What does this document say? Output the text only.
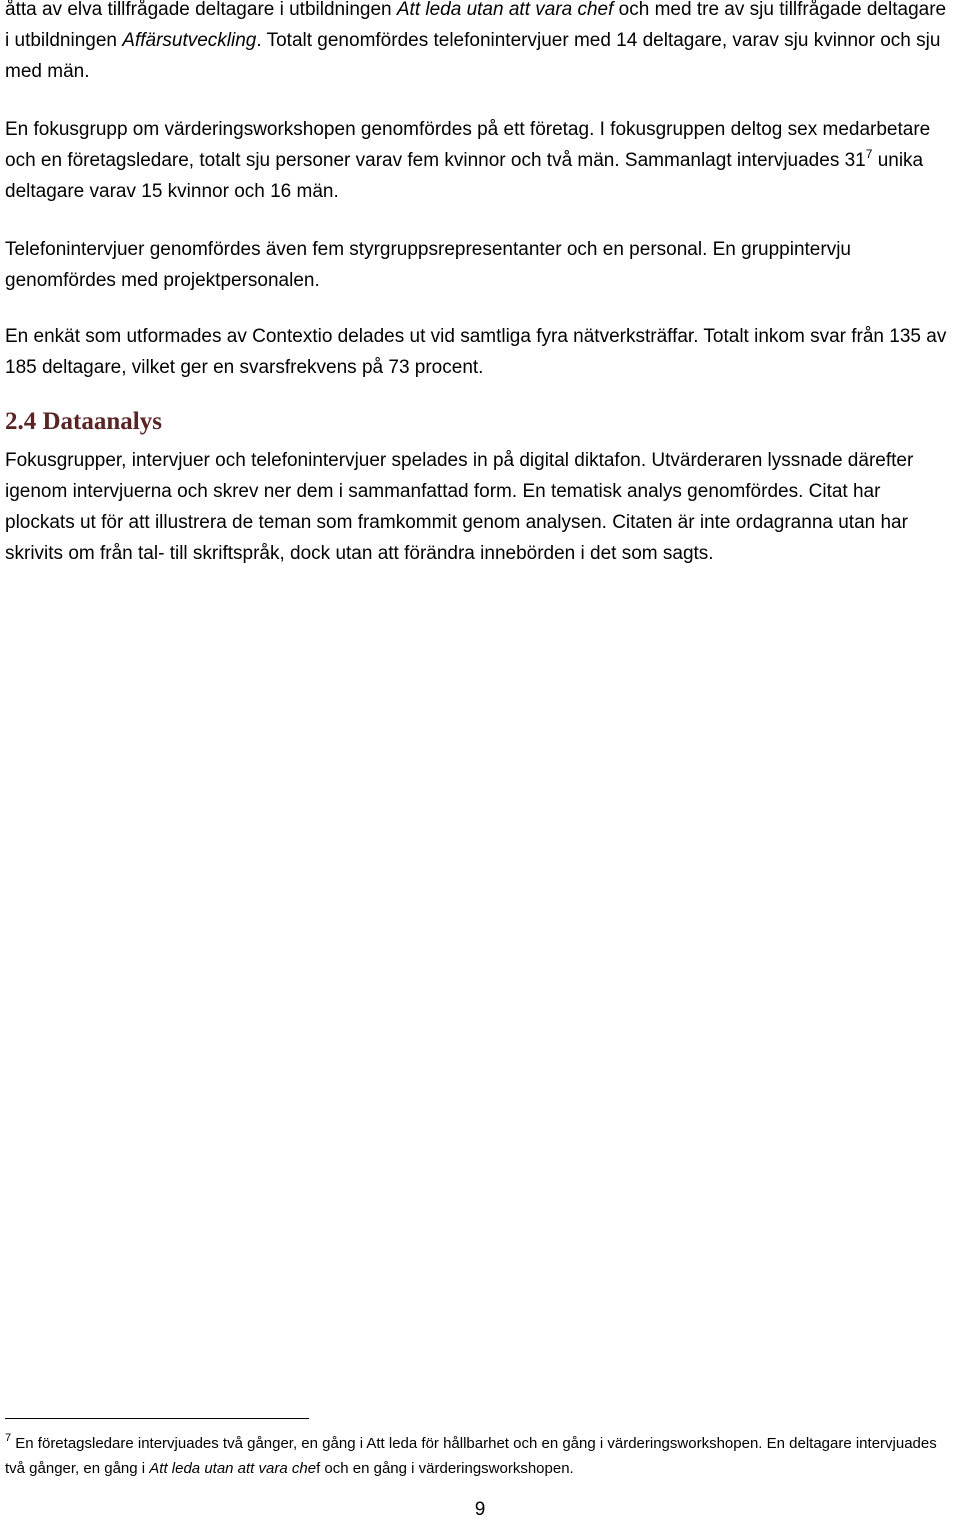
åtta av elva tillfrågade deltagare i utbildningen Att leda utan att vara chef och med tre av sju tillfrågade deltagare i utbildningen Affärsutveckling. Totalt genomfördes telefonintervjuer med 14 deltagare, varav sju kvinnor och sju med män.

En fokusgrupp om värderingsworkshopen genomfördes på ett företag. I fokusgruppen deltog sex medarbetare och en företagsledare, totalt sju personer varav fem kvinnor och två män. Sammanlagt intervjuades $31^7$ unika deltagare varav 15 kvinnor och 16 män.

Telefonintervjuer genomfördes även fem styrgruppsrepresentanter och en personal. En gruppintervju genomfördes med projektpersonalen.

En enkät som utformades av Contextio delades ut vid samtliga fyra nätverksträffar. Totalt inkom svar från 135 av 185 deltagare, vilket ger en svarsfrekvens på 73 procent.

2.4 Dataanalys

Fokusgrupper, intervjuer och telefonintervjuer spelades in på digital diktafon. Utvärderaren lyssnade därefter igenom intervjuerna och skrev ner dem i sammanfattad form. En tematisk analys genomfördes. Citat har plockats ut för att illustrera de teman som framkommit genom analysen. Citaten är inte ordagranna utan har skrivits om från tal- till skriftspråk, dock utan att förändra innebörden i det som sagts.

$^7$ En företagsledare intervjuades två gånger, en gång i Att leda för hållbarhet och en gång i värderingsworkshopen. En deltagare intervjuades två gånger, en gång i Att leda utan att vara chef och en gång i värderingsworkshopen.

9
